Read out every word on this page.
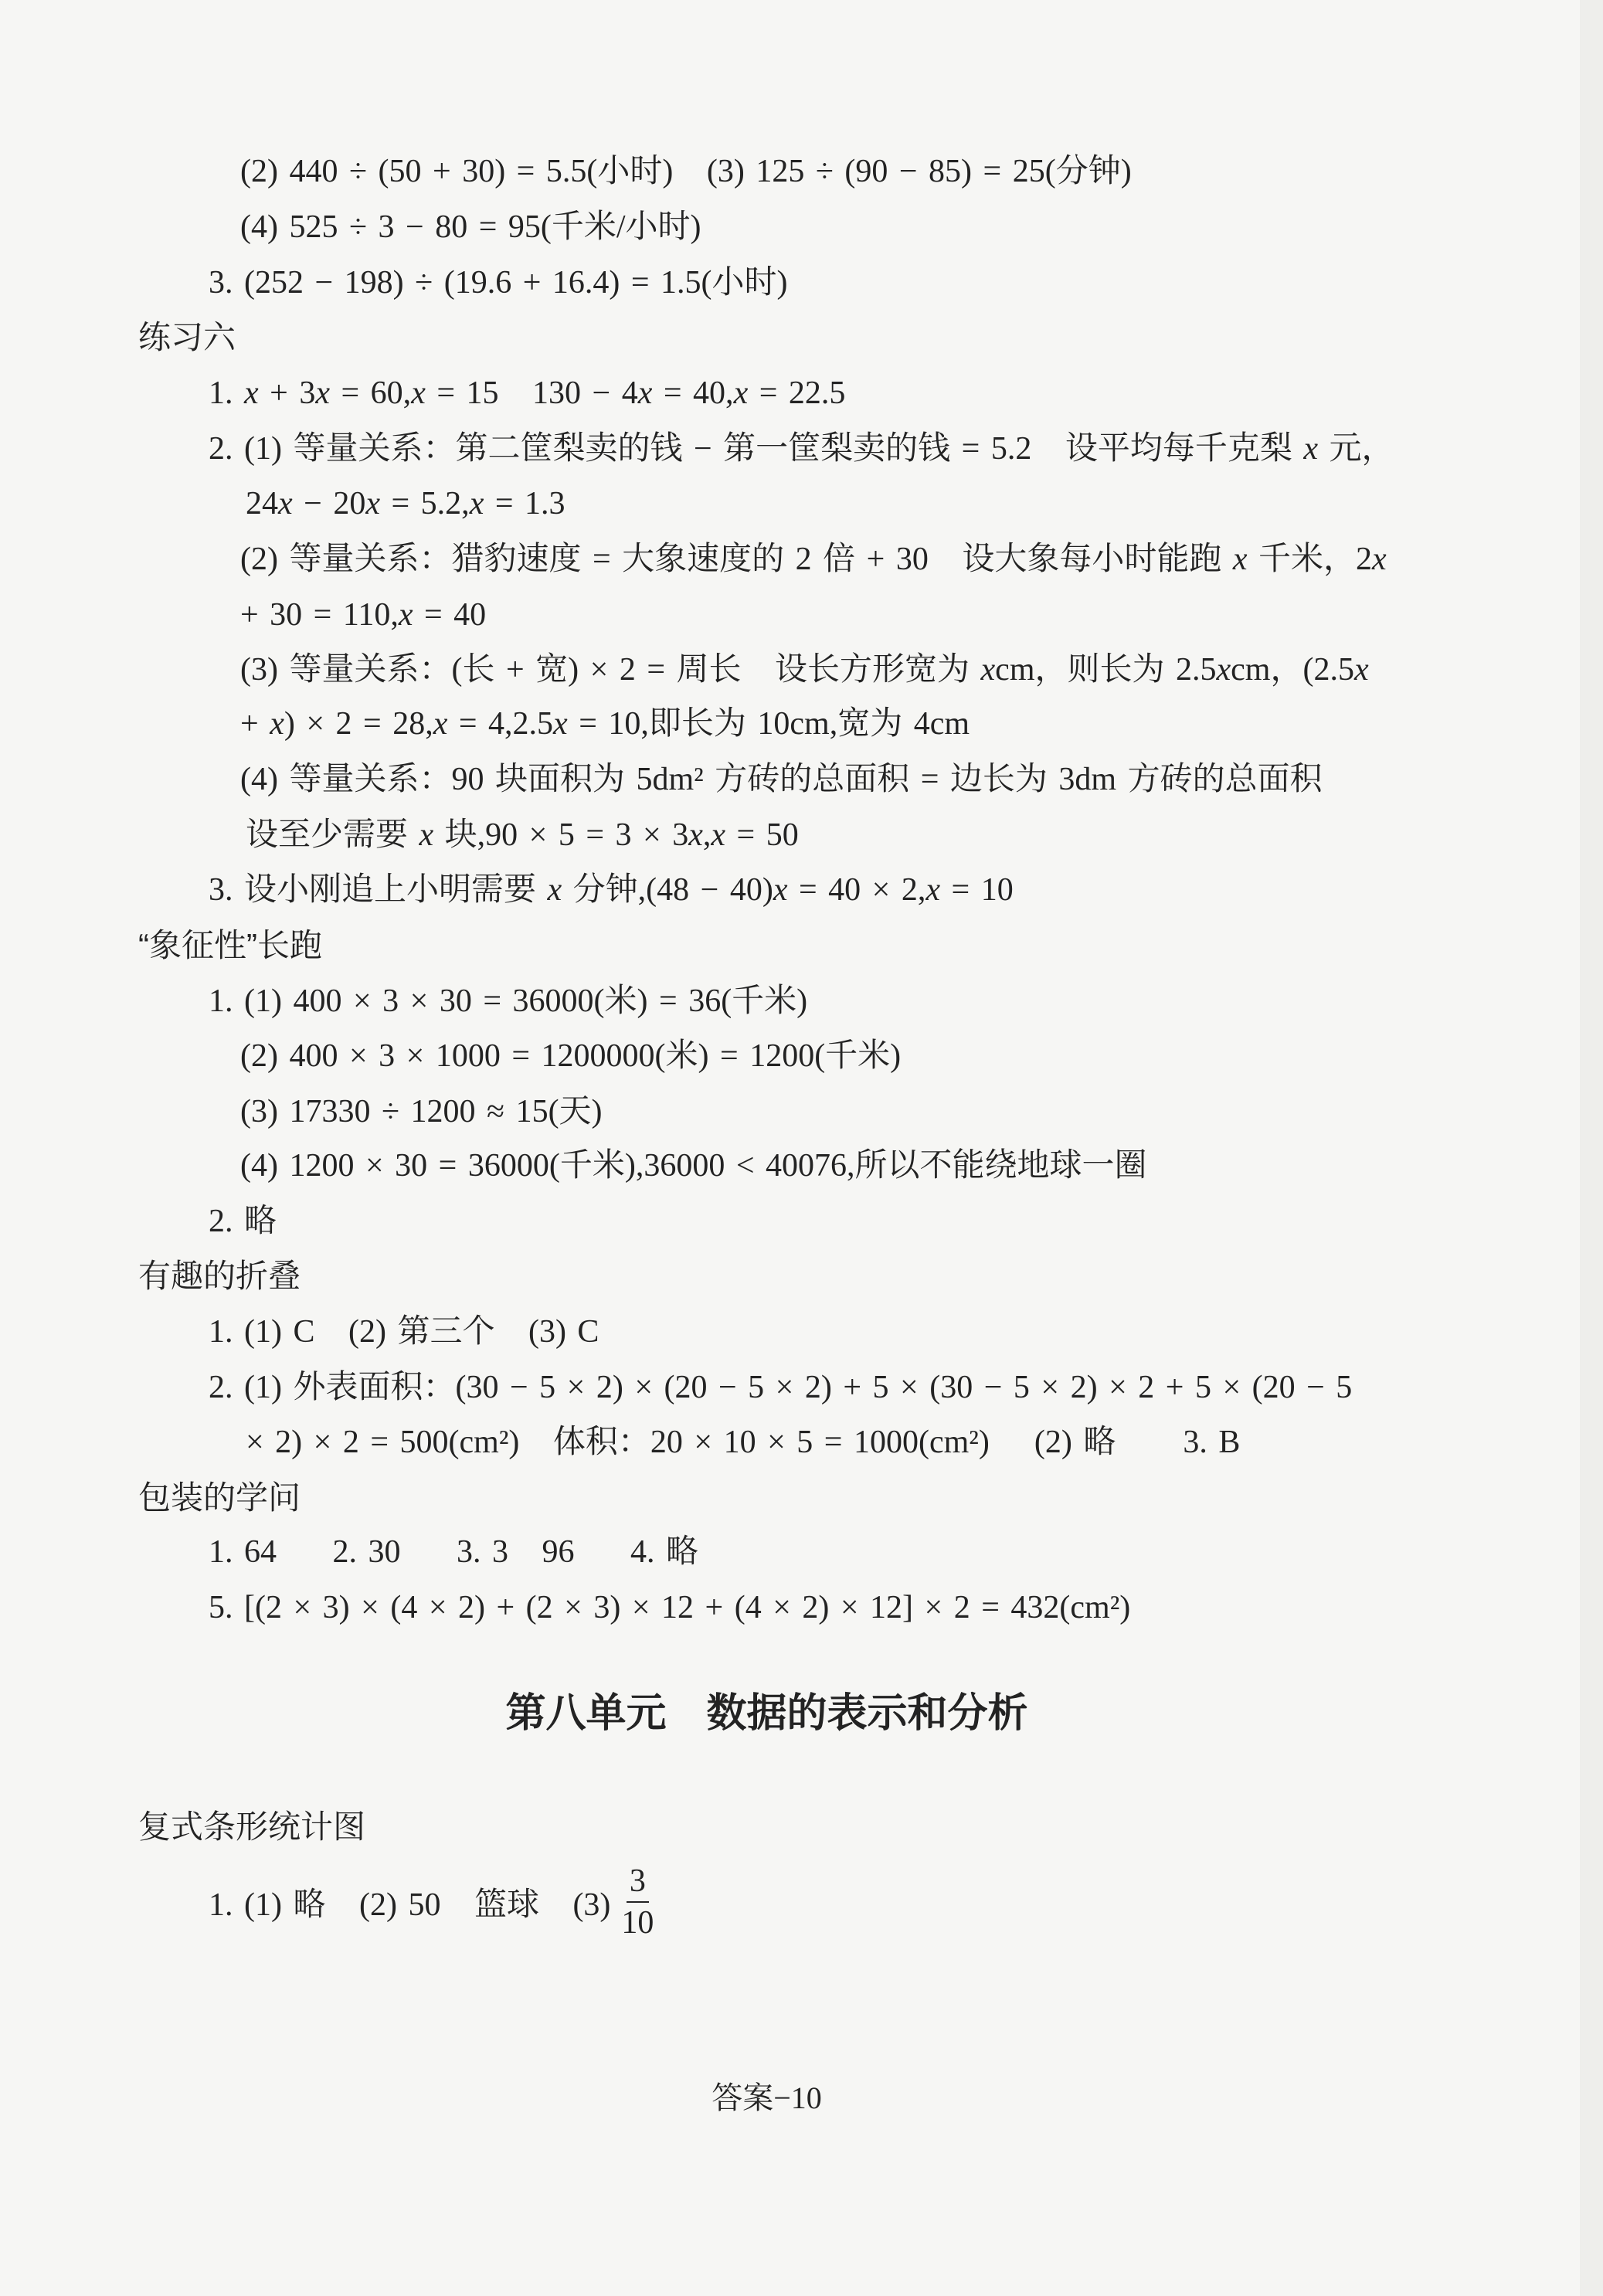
(2) 440 ÷ (50 + 30) = 5.5(小时)   (3) 125 ÷ (90 − 85) = 25(分钟)
(4) 525 ÷ 3 − 80 = 95(千米/小时)
3. (252 − 198) ÷ (19.6 + 16.4) = 1.5(小时)
练习六
1. x + 3x = 60,x = 15   130 − 4x = 40,x = 22.5
2. (1) 等量关系：第二筐梨卖的钱 − 第一筐梨卖的钱 = 5.2   设平均每千克梨 x 元，
24x − 20x = 5.2,x = 1.3
(2) 等量关系：猎豹速度 = 大象速度的 2 倍 + 30   设大象每小时能跑 x 千米，2x
+ 30 = 110,x = 40
(3) 等量关系：(长 + 宽) × 2 = 周长   设长方形宽为 xcm，则长为 2.5xcm，(2.5x
+ x) × 2 = 28,x = 4,2.5x = 10,即长为 10cm,宽为 4cm
(4) 等量关系：90 块面积为 5dm² 方砖的总面积 = 边长为 3dm 方砖的总面积
设至少需要 x 块,90 × 5 = 3 × 3x,x = 50
3. 设小刚追上小明需要 x 分钟,(48 − 40)x = 40 × 2,x = 10
“象征性”长跑
1. (1) 400 × 3 × 30 = 36000(米) = 36(千米)
(2) 400 × 3 × 1000 = 1200000(米) = 1200(千米)
(3) 17330 ÷ 1200 ≈ 15(天)
(4) 1200 × 30 = 36000(千米),36000 < 40076,所以不能绕地球一圈
2. 略
有趣的折叠
1. (1) C   (2) 第三个   (3) C
2. (1) 外表面积：(30 − 5 × 2) × (20 − 5 × 2) + 5 × (30 − 5 × 2) × 2 + 5 × (20 − 5
× 2) × 2 = 500(cm²)   体积：20 × 10 × 5 = 1000(cm²)    (2) 略      3. B
包装的学问
1. 64     2. 30     3. 3   96     4. 略
5. [(2 × 3) × (4 × 2) + (2 × 3) × 12 + (4 × 2) × 12] × 2 = 432(cm²)
第八单元　数据的表示和分析
复式条形统计图
1. (1) 略   (2) 50   篮球   $(3) \frac{3}{10}$
答案−10
